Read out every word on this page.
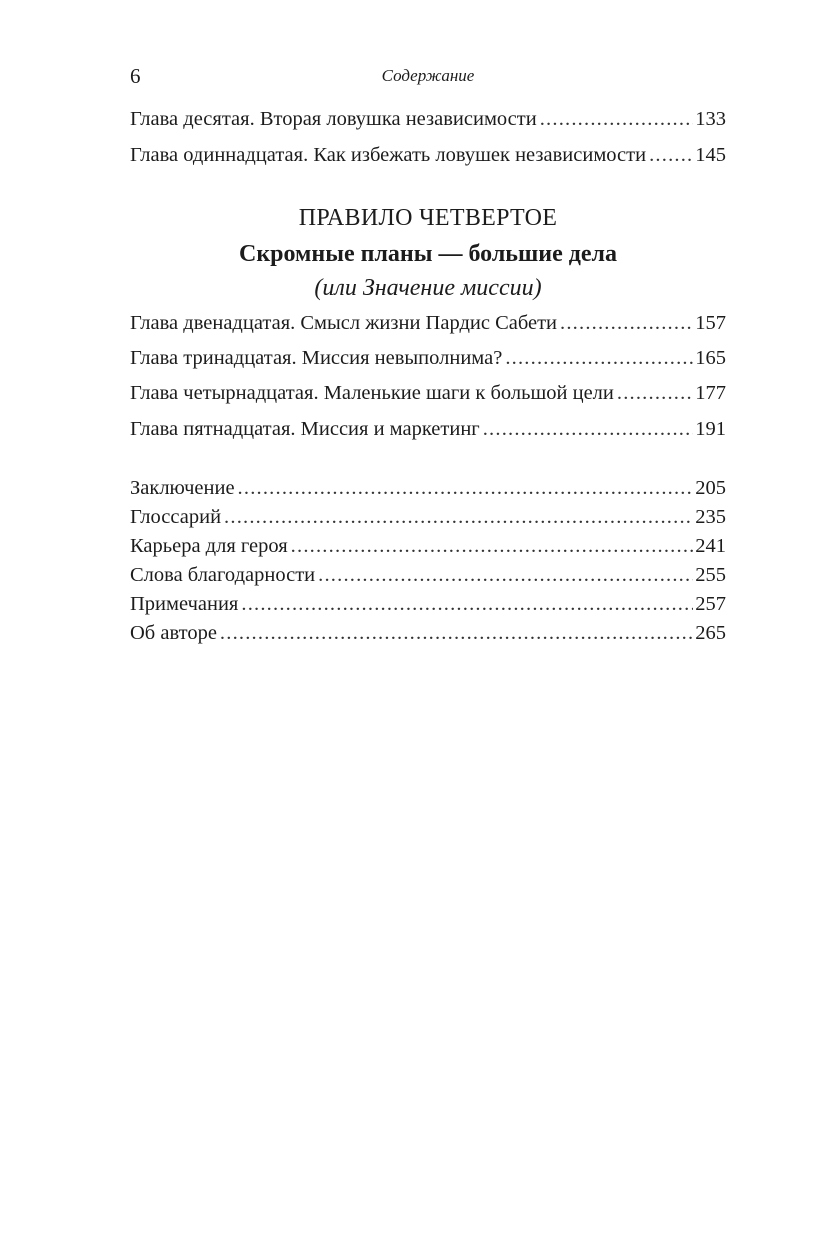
6	Содержание
Глава десятая. Вторая ловушка независимости .....	133
Глава одиннадцатая. Как избежать ловушек независимости ..... 145
ПРАВИЛО ЧЕТВЕРТОЕ
Скромные планы — большие дела
(или Значение миссии)
Глава двенадцатая. Смысл жизни Пардис Сабети .....	157
Глава тринадцатая. Миссия невыполнима? .....	165
Глава четырнадцатая. Маленькие шаги к большой цели .....	177
Глава пятнадцатая. Миссия и маркетинг .....	191
Заключение .....	205
Глоссарий .....	235
Карьера для героя .....	241
Слова благодарности .....	255
Примечания .....	257
Об авторе .....	265
